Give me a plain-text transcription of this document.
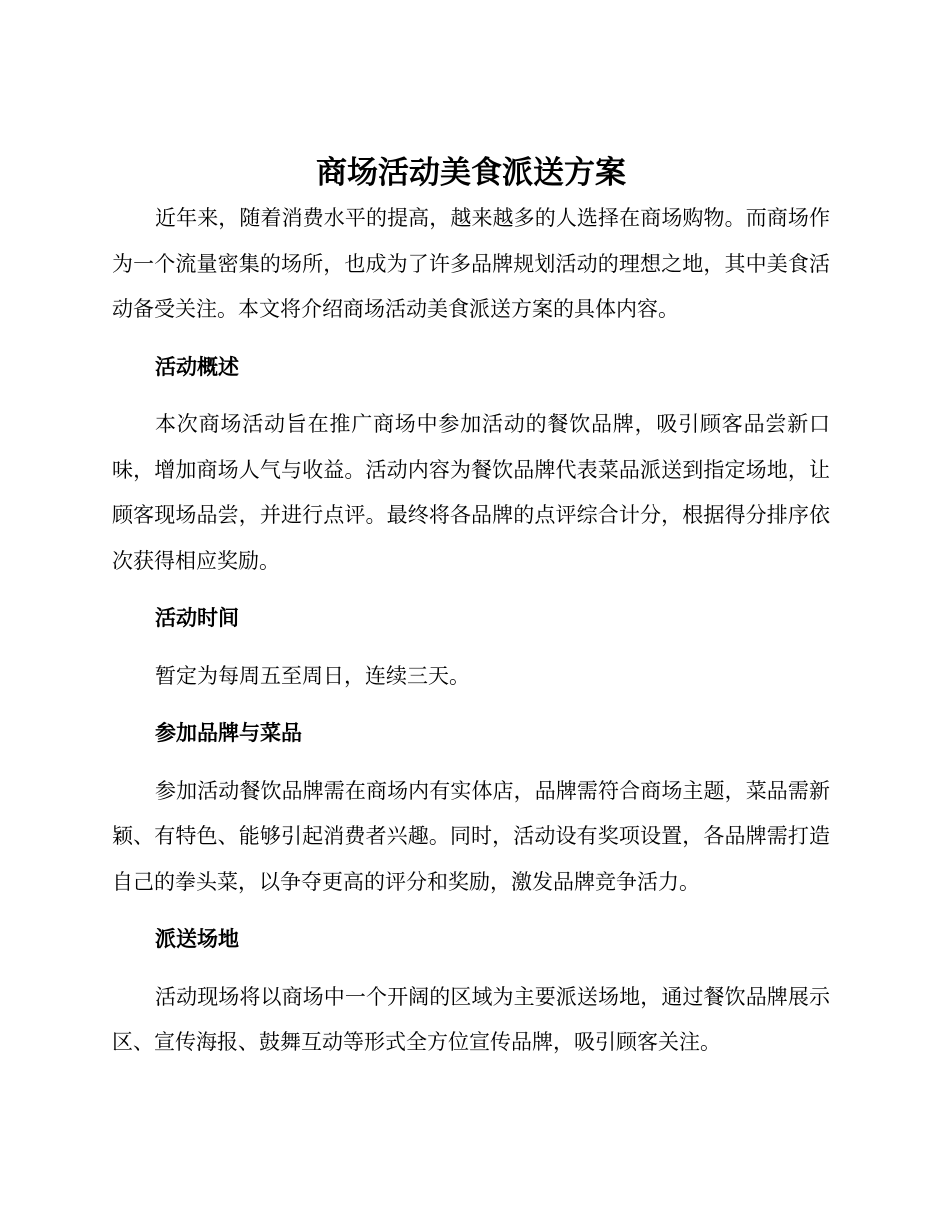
商场活动美食派送方案

近年来，随着消费水平的提高，越来越多的人选择在商场购物。而商场作为一个流量密集的场所，也成为了许多品牌规划活动的理想之地，其中美食活动备受关注。本文将介绍商场活动美食派送方案的具体内容。

活动概述

本次商场活动旨在推广商场中参加活动的餐饮品牌，吸引顾客品尝新口味，增加商场人气与收益。活动内容为餐饮品牌代表菜品派送到指定场地，让顾客现场品尝，并进行点评。最终将各品牌的点评综合计分，根据得分排序依次获得相应奖励。

活动时间

暂定为每周五至周日，连续三天。

参加品牌与菜品

参加活动餐饮品牌需在商场内有实体店，品牌需符合商场主题，菜品需新颖、有特色、能够引起消费者兴趣。同时，活动设有奖项设置，各品牌需打造自己的拳头菜，以争夺更高的评分和奖励，激发品牌竞争活力。

派送场地

活动现场将以商场中一个开阔的区域为主要派送场地，通过餐饮品牌展示区、宣传海报、鼓舞互动等形式全方位宣传品牌，吸引顾客关注。
